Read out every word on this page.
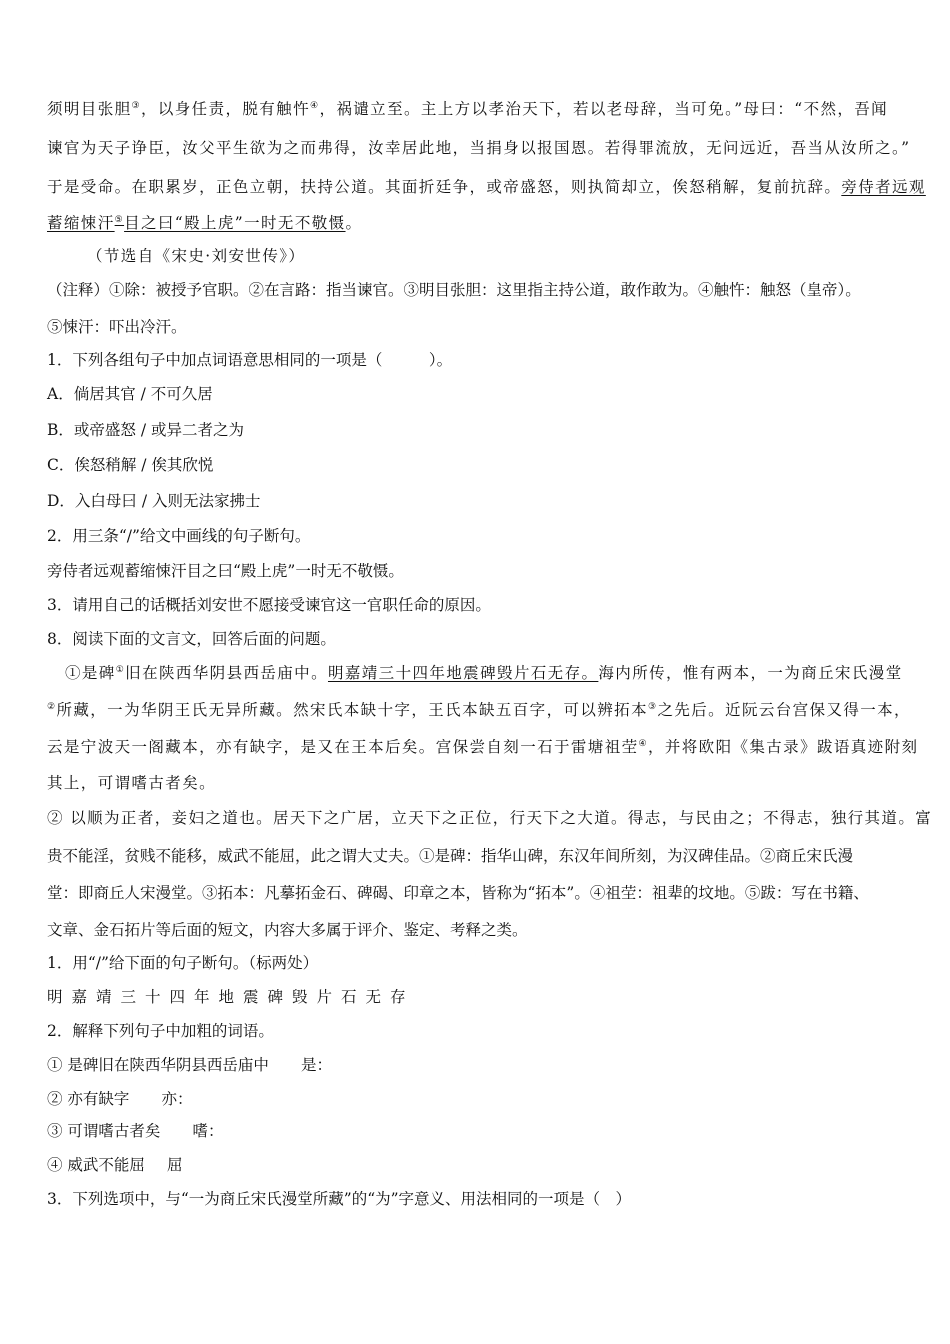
须明目张胆③，以身任责，脱有触忤④，祸谴立至。主上方以孝治天下，若以老母辞，当可免。”母曰：“不然，吾闻
谏官为天子诤臣，汝父平生欲为之而弗得，汝幸居此地，当捐身以报国恩。若得罪流放，无问远近，吾当从汝所之。”
于是受命。在职累岁，正色立朝，扶持公道。其面折廷争，或帝盛怒，则执简却立，俟怒稍解，复前抗辞。旁侍者远观
蓄缩悚汗⑤目之曰“殿上虎”一时无不敬慑。
（节选自《宋史·刘安世传》）
（注释）①除：被授予官职。②在言路：指当谏官。③明目张胆：这里指主持公道，敢作敢为。④触忤：触怒（皇帝）。
⑤悚汗：吓出冷汗。
1．下列各组句子中加点词语意思相同的一项是（　　　）。
A．倘居其官 / 不可久居
B．或帝盛怒 / 或异二者之为
C．俟怒稍解 / 俟其欣悦
D．入白母曰 / 入则无法家拂士
2．用三条“/”给文中画线的句子断句。
旁侍者远观蓄缩悚汗目之曰“殿上虎”一时无不敬慑。
3．请用自己的话概括刘安世不愿接受谏官这一官职任命的原因。
8．阅读下面的文言文，回答后面的问题。
①是碑①旧在陕西华阴县西岳庙中。明嘉靖三十四年地震碑毁片石无存。海内所传，惟有两本，一为商丘宋氏漫堂
②所藏，一为华阴王氏无异所藏。然宋氏本缺十字，王氏本缺五百字，可以辨拓本③之先后。近阮云台宫保又得一本，
云是宁波天一阁藏本，亦有缺字，是又在王本后矣。宫保尝自刻一石于雷塘祖茔④，并将欧阳《集古录》跋语真迹附刻
其上，可谓嗜古者矣。
② 以顺为正者，妾妇之道也。居天下之广居，立天下之正位，行天下之大道。得志，与民由之；不得志，独行其道。富
贵不能淫，贫贱不能移，威武不能屈，此之谓大丈夫。①是碑：指华山碑，东汉年间所刻，为汉碑佳品。②商丘宋氏漫
堂：即商丘人宋漫堂。③拓本：凡摹拓金石、碑碣、印章之本，皆称为“拓本”。④祖茔：祖辈的坟地。⑤跋：写在书籍、
文章、金石拓片等后面的短文，内容大多属于评介、鉴定、考释之类。
1．用“/”给下面的句子断句。（标两处）
明嘉靖三十四年地震碑毁片石无存
2．解释下列句子中加粗的词语。
① 是碑旧在陕西华阴县西岳庙中 是：
② 亦有缺字 亦：
③ 可谓嗜古者矣 嗜：
④ 威武不能屈 屈
3．下列选项中，与“一为商丘宋氏漫堂所藏”的“为”字意义、用法相同的一项是（　）
